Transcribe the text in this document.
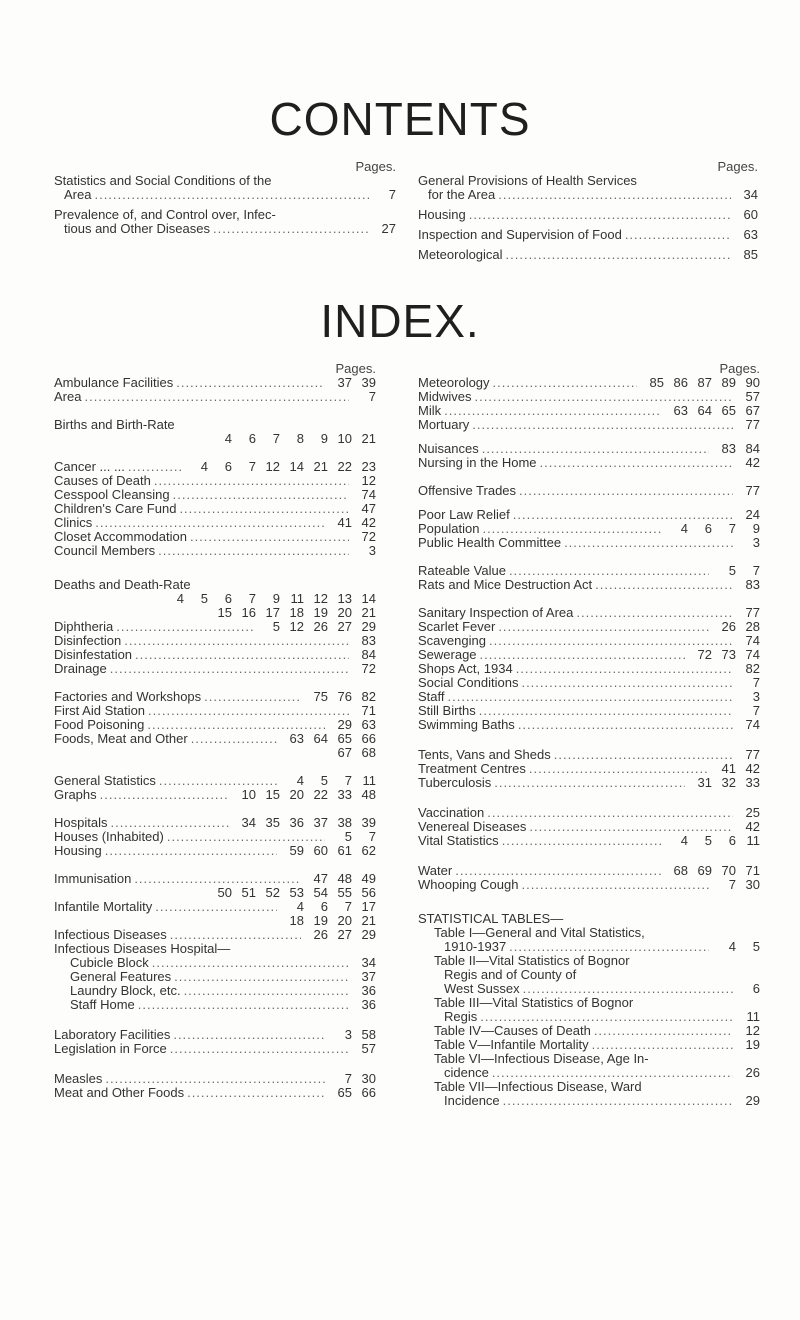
CONTENTS
Pages.
Statistics and Social Conditions of the
Area .....	7
Prevalence of, and Control over, Infec-
tious and Other Diseases .....	27
Pages.
General Provisions of Health Services
for the Area .....	34
Housing .....	60
Inspection and Supervision of Food .....	63
Meteorological .....	85
INDEX.
Pages.
Ambulance Facilities .....	37 39
Area .....	7
Births and Birth-Rate
4 6 7 8 9 10 21
Cancer ... ... .....	4	6	7 12 14 21 22 23
Causes of Death .....	12
Cesspool Cleansing .....	74
Children's Care Fund .....	47
Clinics .....	41 42
Closet Accommodation .....	72
Council Members .....	3
Deaths and Death-Rate
4 5 6 7 9 11 12 13 14
15 16 17 18 19 20 21
Diphtheria .....	5 12 26 27 29
Disinfection .....	83
Disinfestation .....	84
Drainage .....	72
Factories and Workshops .....	75 76 82
First Aid Station .....	71
Food Poisoning .....	29 63
Foods, Meat and Other .....	63 64 65 66
67 68
General Statistics .....	4	5	7 11
Graphs .....	10 15 20 22 33 48
Hospitals .....	34 35 36 37 38 39
Houses (Inhabited) .....	5	7
Housing .....	59 60 61 62
Immunisation .....	47 48 49
50 51 52 53 54 55 56
Infantile Mortality .....	4	6	7 17
18 19 20 21
Infectious Diseases .....	26 27 29
Infectious Diseases Hospital—
Cubicle Block .....	34
General Features .....	37
Laundry Block, etc. .....	36
Staff Home .....	36
Laboratory Facilities .....	3 58
Legislation in Force .....	57
Measles .....	7 30
Meat and Other Foods .....	65 66
Pages.
Meteorology .....	85 86 87 89 90
Midwives .....	57
Milk .....	63 64 65 67
Mortuary .....	77
Nuisances .....	83 84
Nursing in the Home .....	42
Offensive Trades .....	77
Poor Law Relief .....	24
Population .....	4	6	7	9
Public Health Committee .....	3
Rateable Value .....	5	7
Rats and Mice Destruction Act .....	83
Sanitary Inspection of Area .....	77
Scarlet Fever .....	26 28
Scavenging .....	74
Sewerage .....	72 73 74
Shops Act, 1934 .....	82
Social Conditions .....	7
Staff .....	3
Still Births .....	7
Swimming Baths .....	74
Tents, Vans and Sheds .....	77
Treatment Centres .....	41 42
Tuberculosis .....	31 32 33
Vaccination .....	25
Venereal Diseases .....	42
Vital Statistics .....	4	5	6 11
Water .....	68 69 70 71
Whooping Cough .....	7 30
STATISTICAL TABLES—
Table I—General and Vital Statistics,
1910-1937 .....	4	5
Table II—Vital Statistics of Bognor
Regis and of County of
West Sussex .....	6
Table III—Vital Statistics of Bognor
Regis .....	11
Table IV—Causes of Death .....	12
Table V—Infantile Mortality .....	19
Table VI—Infectious Disease, Age In-
cidence .....	26
Table VII—Infectious Disease, Ward
Incidence .....	29
